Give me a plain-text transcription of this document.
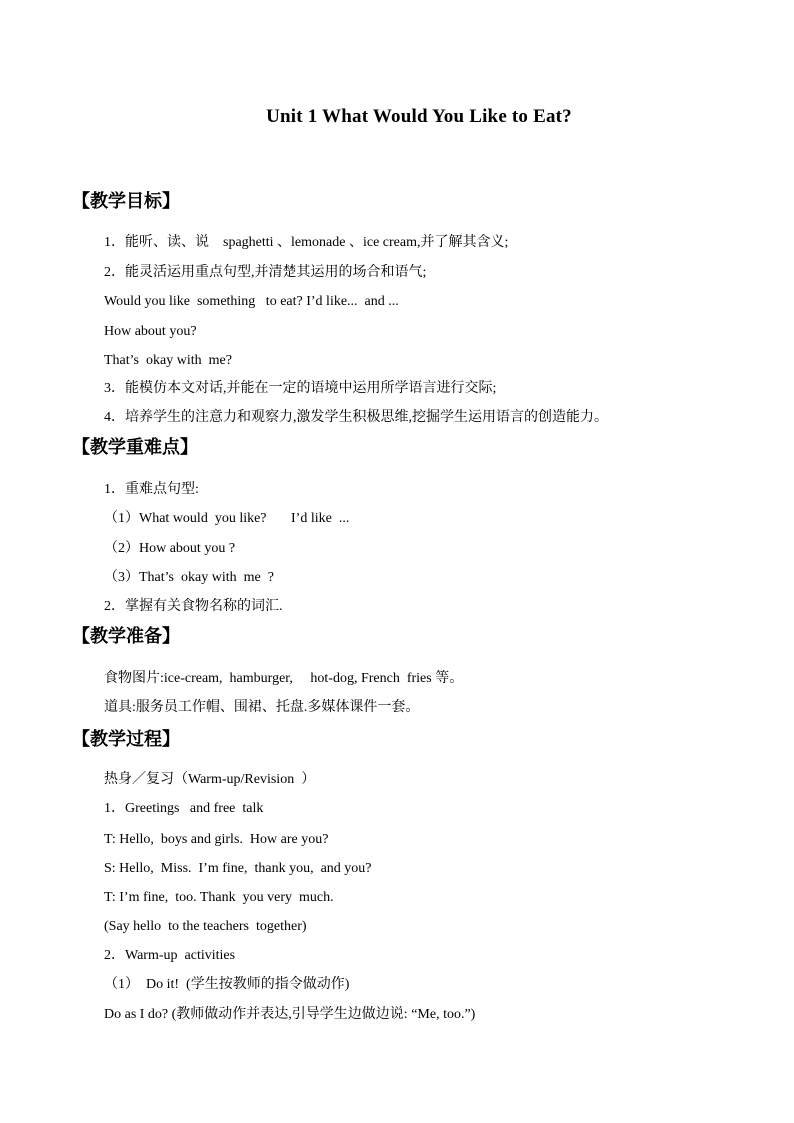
Unit 1 What Would You Like to Eat?
【教学目标】
1．能听、读、说　spaghetti 、lemonade 、ice cream,并了解其含义;
2．能灵活运用重点句型,并清楚其运用的场合和语气;
Would you like  something   to eat? I’d like...  and ...
How about you?
That’s  okay with  me?
3．能模仿本文对话,并能在一定的语境中运用所学语言进行交际;
4．培养学生的注意力和观察力,激发学生积极思维,挖掘学生运用语言的创造能力。
【教学重难点】
1．重难点句型:
（1）What would  you like?       I’d like  ...
（2）How about you ?
（3）That’s  okay with  me  ?
2．掌握有关食物名称的词汇.
【教学准备】
食物图片:ice-cream,  hamburger,     hot-dog, French  fries 等。
道具:服务员工作帽、围裙、托盘.多媒体课件一套。
【教学过程】
热身／复习（Warm-up/Revision  ）
1．Greetings   and free  talk
T: Hello,  boys and girls.  How are you?
S: Hello,  Miss.  I’m fine,  thank you,  and you?
T: I’m fine,  too. Thank  you very  much.
(Say hello  to the teachers  together)
2．Warm-up  activities
（1）  Do it!  (学生按教师的指令做动作)
Do as I do? (教师做动作并表达,引导学生边做边说: “Me, too.”)
